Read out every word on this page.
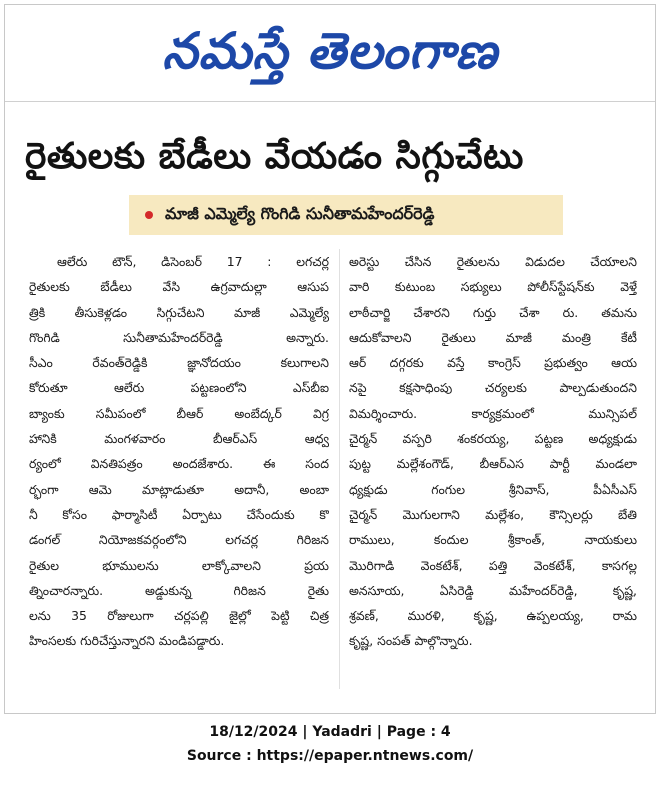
నమస్తే తెలంగాణ
రైతులకు బేడీలు వేయడం సిగ్గుచేటు
మాజీ ఎమ్మెల్యే గొంగిడి సునీతామహేందర్‌రెడ్డి
ఆలేరు టౌన్, డిసెంబర్ 17 : లగచర్ల
రైతులకు బేడీలు వేసి ఉగ్రవాదుల్లా ఆసుప
త్రికి తీసుకెళ్లడం సిగ్గుచేటని మాజీ ఎమ్మెల్యే
గొంగిడి సునీతామహేందర్‌రెడ్డి అన్నారు.
సీఎం రేవంత్‌రెడ్డికి జ్ఞానోదయం కలుగాలని
కోరుతూ ఆలేరు పట్టణంలోని ఎస్‌బీఐ
బ్యాంకు సమీపంలో బీఆర్ అంబేద్కర్ విగ్ర
హానికి మంగళవారం బీఆర్‌ఎస్ ఆధ్వ
ర్యంలో వినతిపత్రం అందజేశారు. ఈ సంద
ర్భంగా ఆమె మాట్లాడుతూ అదానీ, అంబా
నీ కోసం ఫార్మాసిటీ ఏర్పాటు చేసేందుకు కొ
డంగల్ నియోజకవర్గంలోని లగచర్ల గిరిజన
రైతుల భూములను లాక్కోవాలని ప్రయ
త్నించారన్నారు. అడ్డుకున్న గిరిజన రైతు
లను 35 రోజులుగా చర్లపల్లి జైల్లో పెట్టి చిత్ర
హింసలకు గురిచేస్తున్నారని మండిపడ్డారు.
అరెస్టు చేసిన రైతులను విడుదల చేయాలని
వారి కుటుంబ సభ్యులు పోలీస్‌స్టేషన్‌కు వెళ్తే
లాఠీచార్జి చేశారని గుర్తు చేశా రు. తమను
ఆదుకోవాలని రైతులు మాజీ మంత్రి కేటీ
ఆర్ దగ్గరకు వస్తే కాంగ్రెస్ ప్రభుత్వం ఆయ
నపై కక్షసాధింపు చర్యలకు పాల్పడుతుందని
విమర్శించారు. కార్యక్రమంలో మున్సిపల్
చైర్మన్ వస్పరి శంకరయ్య, పట్టణ అధ్యక్షుడు
పుట్ట మల్లేశంగౌడ్, బీఆర్‌ఎస పార్టీ మండలా
ధ్యక్షుడు గంగుల శ్రీనివాస్, పీఏసీఎస్
చైర్మన్ మొగులగాని మల్లేశం, కౌన్సిలర్లు బేతి
రాములు, కందుల శ్రీకాంత్, నాయకులు
మొరిగాడి వెంకటేశ్, పత్తి వెంకటేశ్, కాసగల్ల
అనసూయ, ఏసిరెడ్డి మహేందర్‌రెడ్డి, కృష్ణ,
శ్రవణ్, మురళి, కృష్ణ, ఉప్పలయ్య, రామ
కృష్ణ, సంపత్ పాల్గొన్నారు.
18/12/2024 | Yadadri | Page : 4
Source : https://epaper.ntnews.com/
